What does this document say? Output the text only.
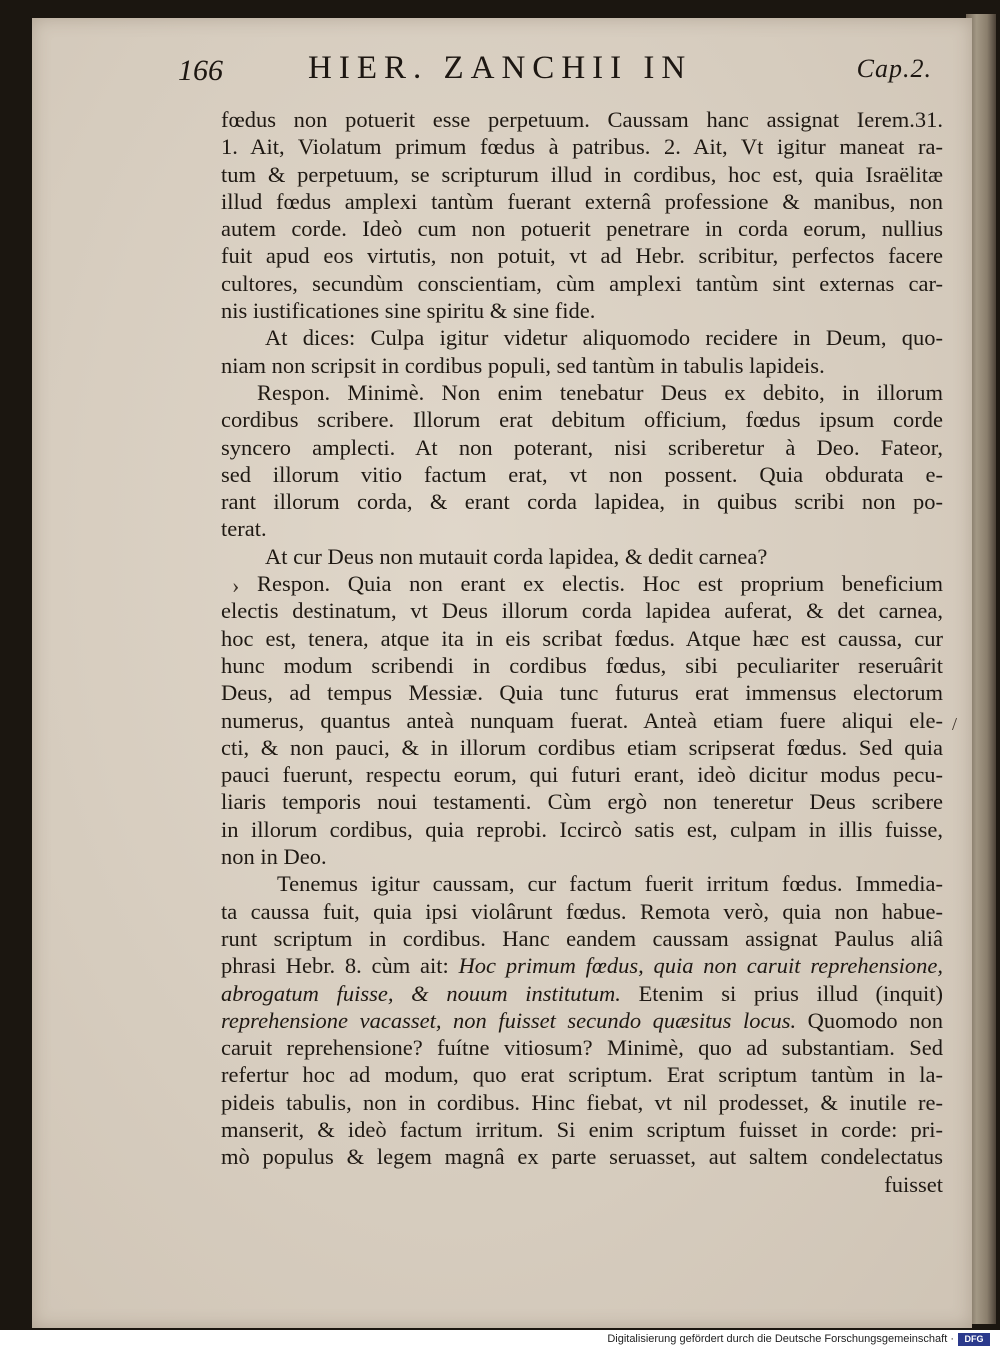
166	HIER. ZANCHII IN	Cap.2.
fœdus non potuerit esse perpetuum. Caussam hanc assignat Ierem.31.
1. Ait, Violatum primum fœdus à patribus. 2. Ait, Vt igitur maneat ra-
tum & perpetuum, se scripturum illud in cordibus, hoc est, quia Israëlitæ
illud fœdus amplexi tantùm fuerant externâ professione & manibus, non
autem corde. Ideò cum non potuerit penetrare in corda eorum, nullius
fuit apud eos virtutis, non potuit, vt ad Hebr. scribitur, perfectos facere
cultores, secundùm conscientiam, cùm amplexi tantùm sint externas car-
nis iustificationes sine spiritu & sine fide.
At dices: Culpa igitur videtur aliquomodo recidere in Deum, quo-
niam non scripsit in cordibus populi, sed tantùm in tabulis lapideis.
Respon. Minimè. Non enim tenebatur Deus ex debito, in illorum
cordibus scribere. Illorum erat debitum officium, fœdus ipsum corde
syncero amplecti. At non poterant, nisi scriberetur à Deo. Fateor,
sed illorum vitio factum erat, vt non possent. Quia obdurata e-
rant illorum corda, & erant corda lapidea, in quibus scribi non po-
terat.
At cur Deus non mutauit corda lapidea, & dedit carnea?
Respon. Quia non erant ex electis. Hoc est proprium beneficium
electis destinatum, vt Deus illorum corda lapidea auferat, & det carnea,
hoc est, tenera, atque ita in eis scribat fœdus. Atque hæc est caussa, cur
hunc modum scribendi in cordibus fœdus, sibi peculiariter reseruârit
Deus, ad tempus Messiæ. Quia tunc futurus erat immensus electorum
numerus, quantus anteà nunquam fuerat. Anteà etiam fuere aliqui ele-
cti, & non pauci, & in illorum cordibus etiam scripserat fœdus. Sed quia
pauci fuerunt, respectu eorum, qui futuri erant, ideò dicitur modus pecu-
liaris temporis noui testamenti. Cùm ergò non teneretur Deus scribere
in illorum cordibus, quia reprobi. Iccircò satis est, culpam in illis fuisse,
non in Deo.
Tenemus igitur caussam, cur factum fuerit irritum fœdus. Immedia-
ta caussa fuit, quia ipsi violârunt fœdus. Remota verò, quia non habue-
runt scriptum in cordibus. Hanc eandem caussam assignat Paulus aliâ
phrasi Hebr. 8. cùm ait: Hoc primum fœdus, quia non caruit reprehensione,
abrogatum fuisse, & nouum institutum. Etenim si prius illud (inquit)
reprehensione vacasset, non fuisset secundo quæsitus locus. Quomodo non
caruit reprehensione? fuítne vitiosum? Minimè, quo ad substantiam. Sed
refertur hoc ad modum, quo erat scriptum. Erat scriptum tantùm in la-
pideis tabulis, non in cordibus. Hinc fiebat, vt nil prodesset, & inutile re-
manserit, & ideò factum irritum. Si enim scriptum fuisset in corde: pri-
mò populus & legem magnâ ex parte seruasset, aut saltem condelectatus
fuisset
›
/
Digitalisierung gefördert durch die Deutsche Forschungsgemeinschaft ·	DFG
